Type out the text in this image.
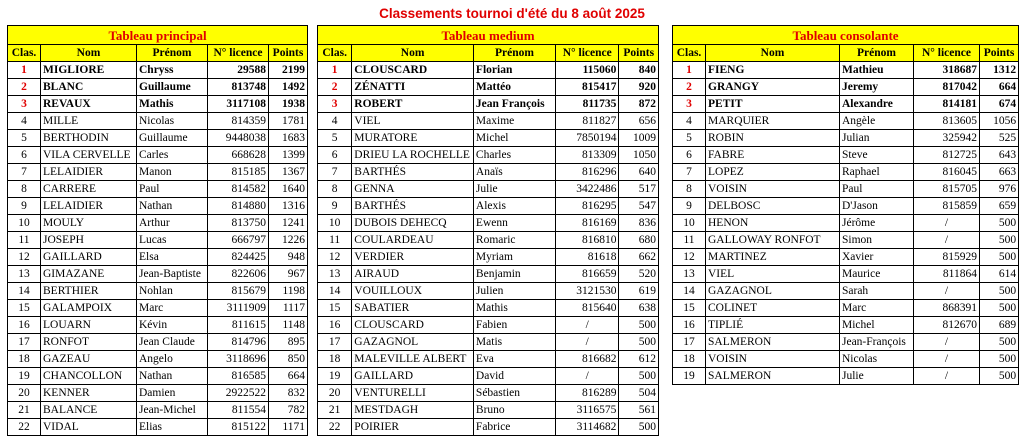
Classements tournoi d'été du 8 août 2025
Tableau principal				
Clas.	Nom	Prénom	N° licence	Points
1	MIGLIORE	Chryss	29588	2199
2	BLANC	Guillaume	813748	1492
3	REVAUX	Mathis	3117108	1938
4	MILLE	Nicolas	814359	1781
5	BERTHODIN	Guillaume	9448038	1683
6	VILA CERVELLE	Carles	668628	1399
7	LELAIDIER	Manon	815185	1367
8	CARRERE	Paul	814582	1640
9	LELAIDIER	Nathan	814880	1316
10	MOULY	Arthur	813750	1241
11	JOSEPH	Lucas	666797	1226
12	GAILLARD	Elsa	824425	948
13	GIMAZANE	Jean-Baptiste	822606	967
14	BERTHIER	Nohlan	815679	1198
15	GALAMPOIX	Marc	3111909	1117
16	LOUARN	Kévin	811615	1148
17	RONFOT	Jean Claude	814796	895
18	GAZEAU	Angelo	3118696	850
19	CHANCOLLON	Nathan	816585	664
20	KENNER	Damien	2922522	832
21	BALANCE	Jean-Michel	811554	782
22	VIDAL	Elias	815122	1171
Tableau medium				
Clas.	Nom	Prénom	N° licence	Points
1	CLOUSCARD	Florian	115060	840
2	ZÉNATTI	Mattéo	815417	920
3	ROBERT	Jean François	811735	872
4	VIEL	Maxime	811827	656
5	MURATORE	Michel	7850194	1009
6	DRIEU LA ROCHELLE	Charles	813309	1050
7	BARTHÉS	Anaïs	816296	640
8	GENNA	Julie	3422486	517
9	BARTHÉS	Alexis	816295	547
10	DUBOIS DEHECQ	Ewenn	816169	836
11	COULARDEAU	Romaric	816810	680
12	VERDIER	Myriam	81618	662
13	AIRAUD	Benjamin	816659	520
14	VOUILLOUX	Julien	3121530	619
15	SABATIER	Mathis	815640	638
16	CLOUSCARD	Fabien	/	500
17	GAZAGNOL	Matis	/	500
18	MALEVILLE ALBERT	Eva	816682	612
19	GAILLARD	David	/	500
20	VENTURELLI	Sébastien	816289	504
21	MESTDAGH	Bruno	3116575	561
22	POIRIER	Fabrice	3114682	500
Tableau consolante				
Clas.	Nom	Prénom	N° licence	Points
1	FIENG	Mathieu	318687	1312
2	GRANGY	Jeremy	817042	664
3	PETIT	Alexandre	814181	674
4	MARQUIER	Angèle	813605	1056
5	ROBIN	Julian	325942	525
6	FABRE	Steve	812725	643
7	LOPEZ	Raphael	816045	663
8	VOISIN	Paul	815705	976
9	DELBOSC	D'Jason	815859	659
10	HENON	Jérôme	/	500
11	GALLOWAY RONFOT	Simon	/	500
12	MARTINEZ	Xavier	815929	500
13	VIEL	Maurice	811864	614
14	GAZAGNOL	Sarah	/	500
15	COLINET	Marc	868391	500
16	TIPLIÉ	Michel	812670	689
17	SALMERON	Jean-François	/	500
18	VOISIN	Nicolas	/	500
19	SALMERON	Julie	/	500
